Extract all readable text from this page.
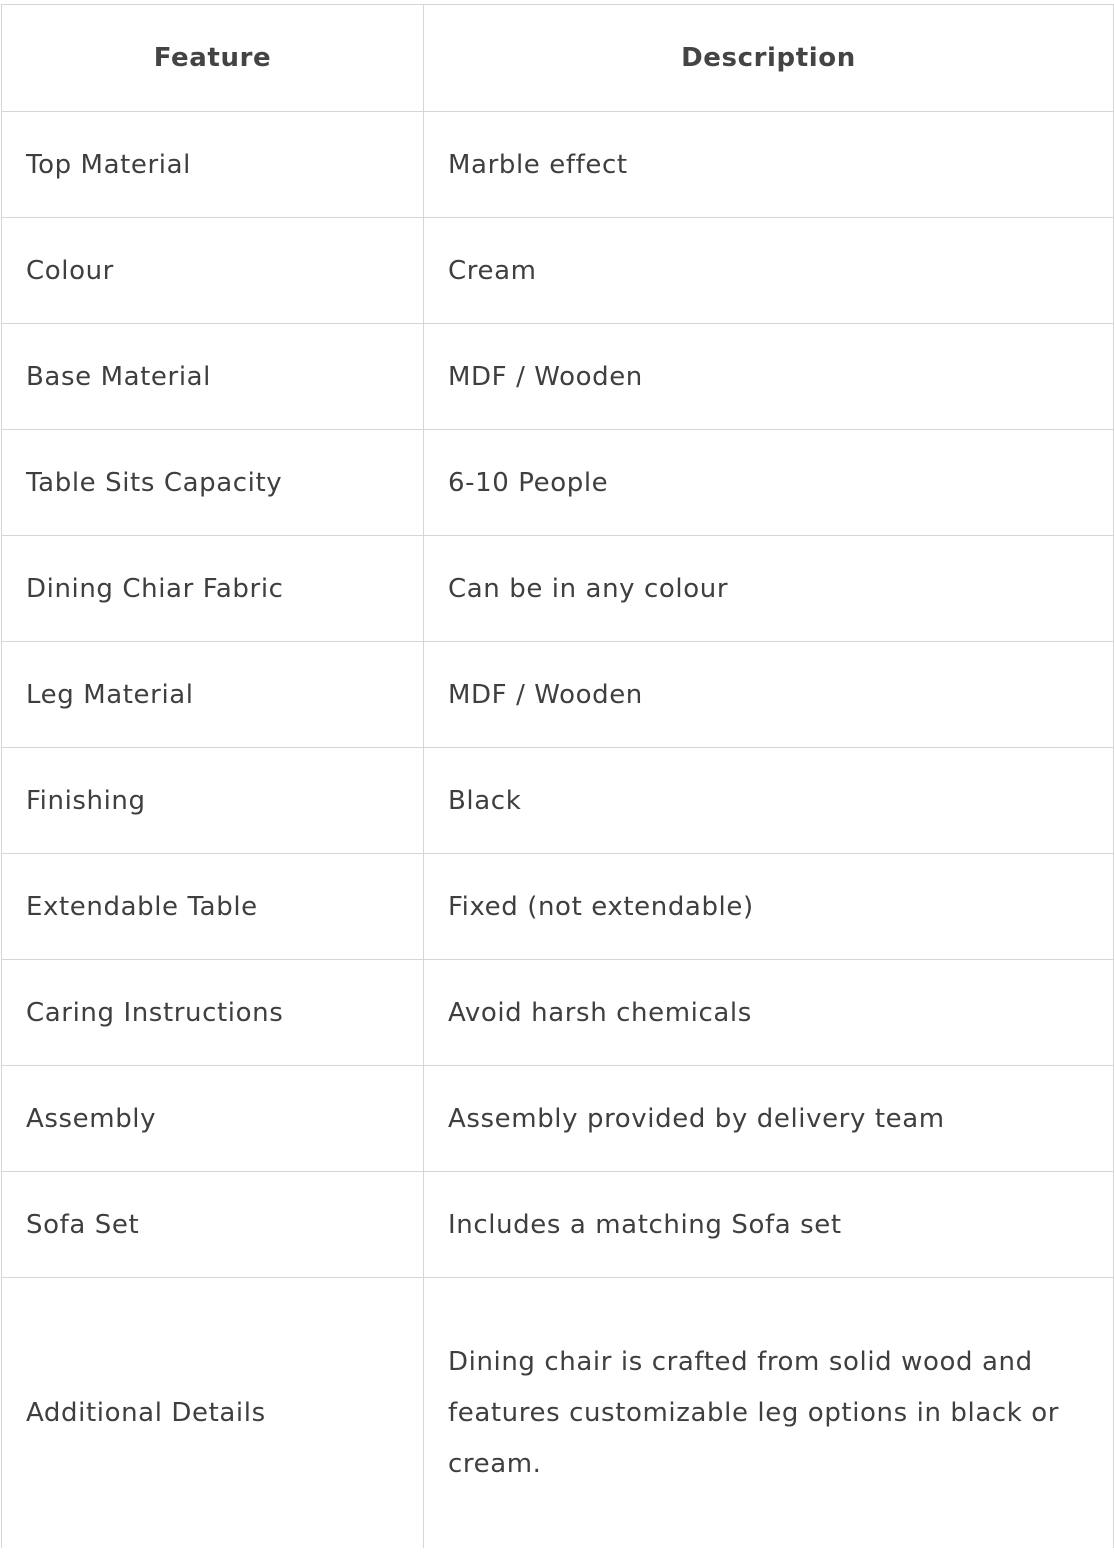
Feature	Description
Top Material	Marble effect
Colour	Cream
Base Material	MDF / Wooden
Table Sits Capacity	6-10 People
Dining Chiar Fabric	Can be in any colour
Leg Material	MDF / Wooden
Finishing	Black
Extendable Table	Fixed (not extendable)
Caring Instructions	Avoid harsh chemicals
Assembly	Assembly provided by delivery team
Sofa Set	Includes a matching Sofa set
Additional Details	Dining chair is crafted from solid wood and features customizable leg options in black or cream.
